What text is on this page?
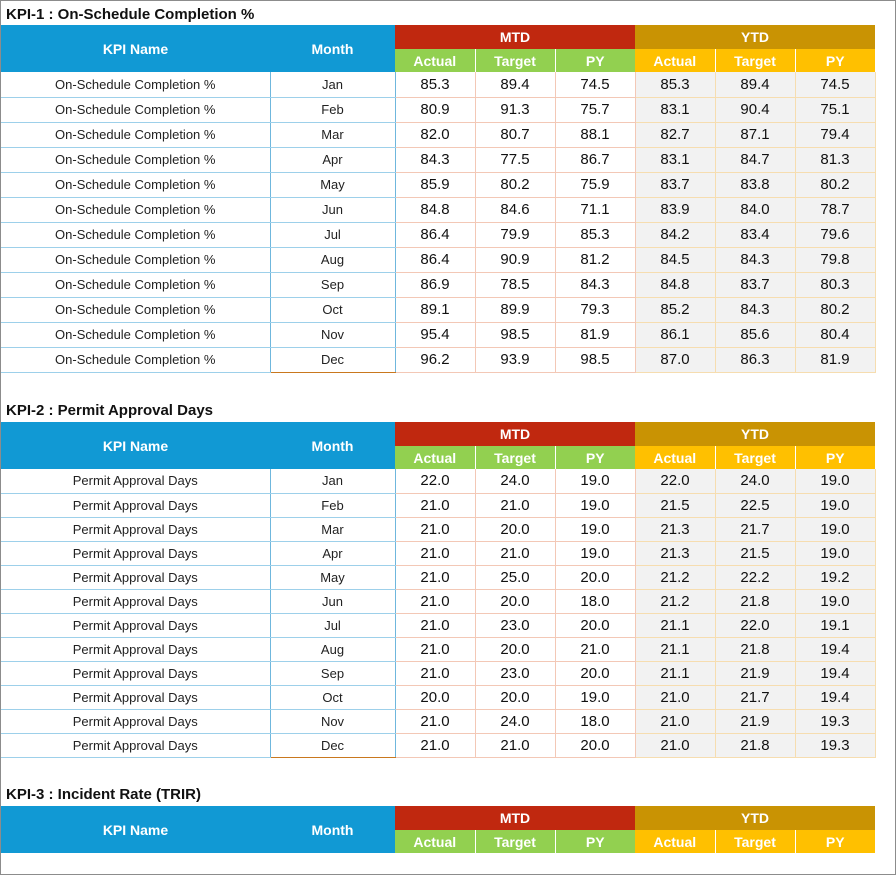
KPI-1 : On-Schedule Completion %
KPI Name	Month	MTD			YTD		
		Actual	Target	PY	Actual	Target	PY
On-Schedule Completion %	Jan	85.3	89.4	74.5	85.3	89.4	74.5
On-Schedule Completion %	Feb	80.9	91.3	75.7	83.1	90.4	75.1
On-Schedule Completion %	Mar	82.0	80.7	88.1	82.7	87.1	79.4
On-Schedule Completion %	Apr	84.3	77.5	86.7	83.1	84.7	81.3
On-Schedule Completion %	May	85.9	80.2	75.9	83.7	83.8	80.2
On-Schedule Completion %	Jun	84.8	84.6	71.1	83.9	84.0	78.7
On-Schedule Completion %	Jul	86.4	79.9	85.3	84.2	83.4	79.6
On-Schedule Completion %	Aug	86.4	90.9	81.2	84.5	84.3	79.8
On-Schedule Completion %	Sep	86.9	78.5	84.3	84.8	83.7	80.3
On-Schedule Completion %	Oct	89.1	89.9	79.3	85.2	84.3	80.2
On-Schedule Completion %	Nov	95.4	98.5	81.9	86.1	85.6	80.4
On-Schedule Completion %	Dec	96.2	93.9	98.5	87.0	86.3	81.9
KPI-2 : Permit Approval Days
KPI Name	Month	MTD			YTD		
		Actual	Target	PY	Actual	Target	PY
Permit Approval Days	Jan	22.0	24.0	19.0	22.0	24.0	19.0
Permit Approval Days	Feb	21.0	21.0	19.0	21.5	22.5	19.0
Permit Approval Days	Mar	21.0	20.0	19.0	21.3	21.7	19.0
Permit Approval Days	Apr	21.0	21.0	19.0	21.3	21.5	19.0
Permit Approval Days	May	21.0	25.0	20.0	21.2	22.2	19.2
Permit Approval Days	Jun	21.0	20.0	18.0	21.2	21.8	19.0
Permit Approval Days	Jul	21.0	23.0	20.0	21.1	22.0	19.1
Permit Approval Days	Aug	21.0	20.0	21.0	21.1	21.8	19.4
Permit Approval Days	Sep	21.0	23.0	20.0	21.1	21.9	19.4
Permit Approval Days	Oct	20.0	20.0	19.0	21.0	21.7	19.4
Permit Approval Days	Nov	21.0	24.0	18.0	21.0	21.9	19.3
Permit Approval Days	Dec	21.0	21.0	20.0	21.0	21.8	19.3
KPI-3 : Incident Rate (TRIR)
KPI Name	Month	MTD			YTD		
		Actual	Target	PY	Actual	Target	PY
